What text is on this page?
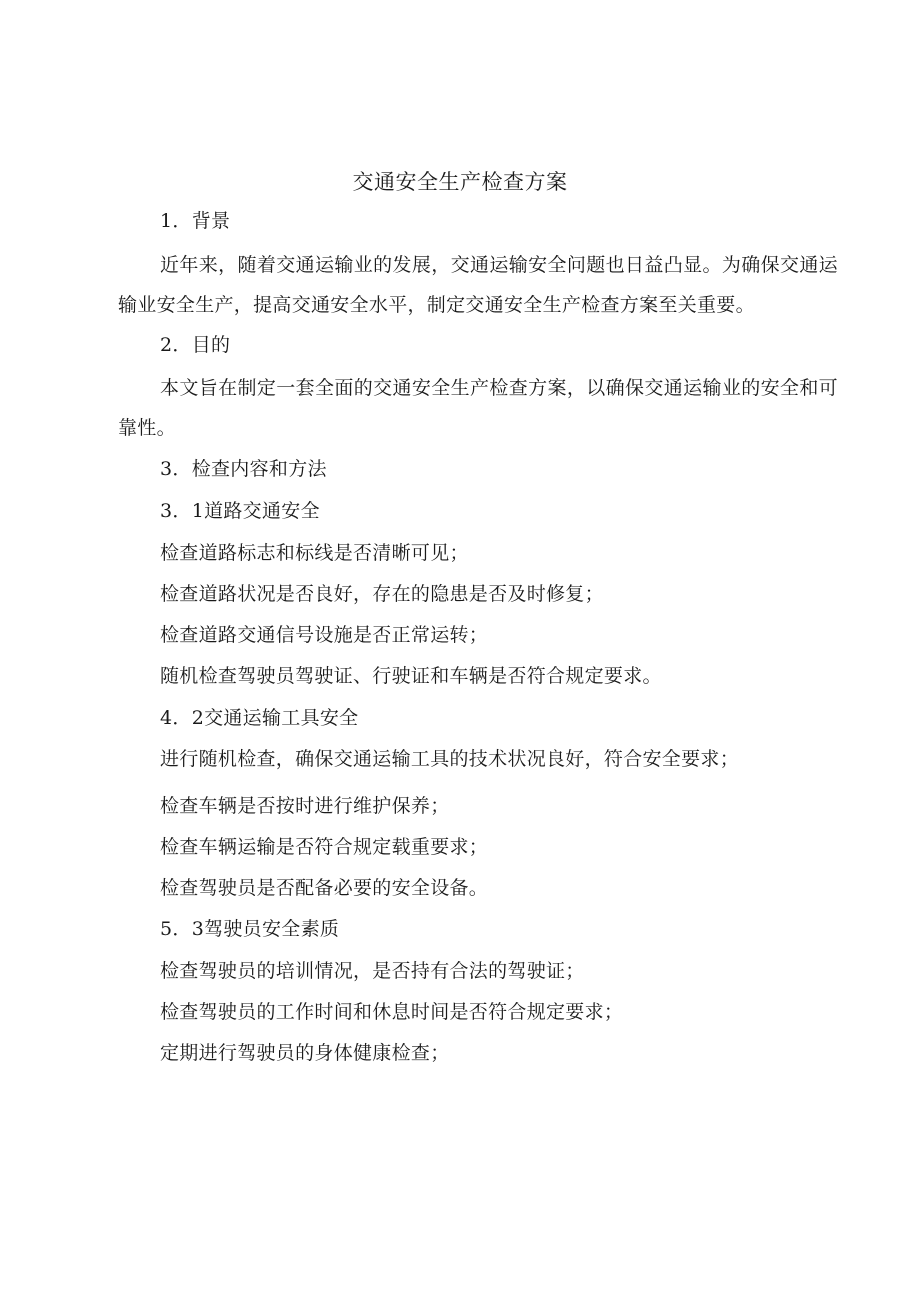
交通安全生产检查方案
1．背景
近年来，随着交通运输业的发展，交通运输安全问题也日益凸显。为确保交通运输业安全生产，提高交通安全水平，制定交通安全生产检查方案至关重要。
2．目的
本文旨在制定一套全面的交通安全生产检查方案，以确保交通运输业的安全和可靠性。
3．检查内容和方法
3．1道路交通安全
检查道路标志和标线是否清晰可见；
检查道路状况是否良好，存在的隐患是否及时修复；
检查道路交通信号设施是否正常运转；
随机检查驾驶员驾驶证、行驶证和车辆是否符合规定要求。
4．2交通运输工具安全
进行随机检查，确保交通运输工具的技术状况良好，符合安全要求；
检查车辆是否按时进行维护保养；
检查车辆运输是否符合规定载重要求；
检查驾驶员是否配备必要的安全设备。
5．3驾驶员安全素质
检查驾驶员的培训情况，是否持有合法的驾驶证；
检查驾驶员的工作时间和休息时间是否符合规定要求；
定期进行驾驶员的身体健康检查；
